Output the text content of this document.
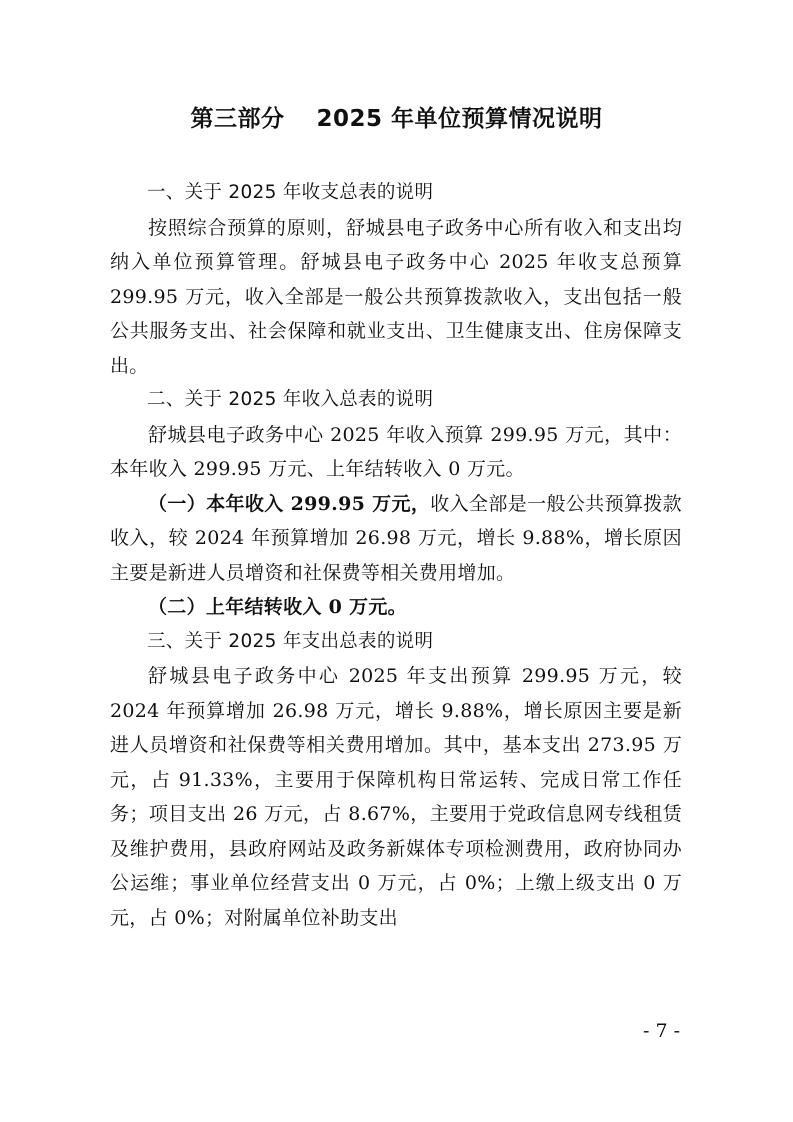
第三部分　 2025 年单位预算情况说明

一、关于 2025 年收支总表的说明

按照综合预算的原则，舒城县电子政务中心所有收入和支出均纳入单位预算管理。舒城县电子政务中心 2025 年收支总预算 299.95 万元，收入全部是一般公共预算拨款收入，支出包括一般公共服务支出、社会保障和就业支出、卫生健康支出、住房保障支出。

二、关于 2025 年收入总表的说明

舒城县电子政务中心 2025 年收入预算 299.95 万元，其中：本年收入 299.95 万元、上年结转收入 0 万元。

（一）本年收入 299.95 万元，收入全部是一般公共预算拨款收入，较 2024 年预算增加 26.98 万元，增长 9.88%，增长原因主要是新进人员增资和社保费等相关费用增加。

（二）上年结转收入 0 万元。

三、关于 2025 年支出总表的说明

舒城县电子政务中心 2025 年支出预算 299.95 万元，较 2024 年预算增加 26.98 万元，增长 9.88%，增长原因主要是新进人员增资和社保费等相关费用增加。其中，基本支出 273.95 万元，占 91.33%，主要用于保障机构日常运转、完成日常工作任务；项目支出 26 万元，占 8.67%，主要用于党政信息网专线租赁及维护费用，县政府网站及政务新媒体专项检测费用，政府协同办公运维；事业单位经营支出 0 万元，占 0%；上缴上级支出 0 万元，占 0%；对附属单位补助支出

- 7 -
